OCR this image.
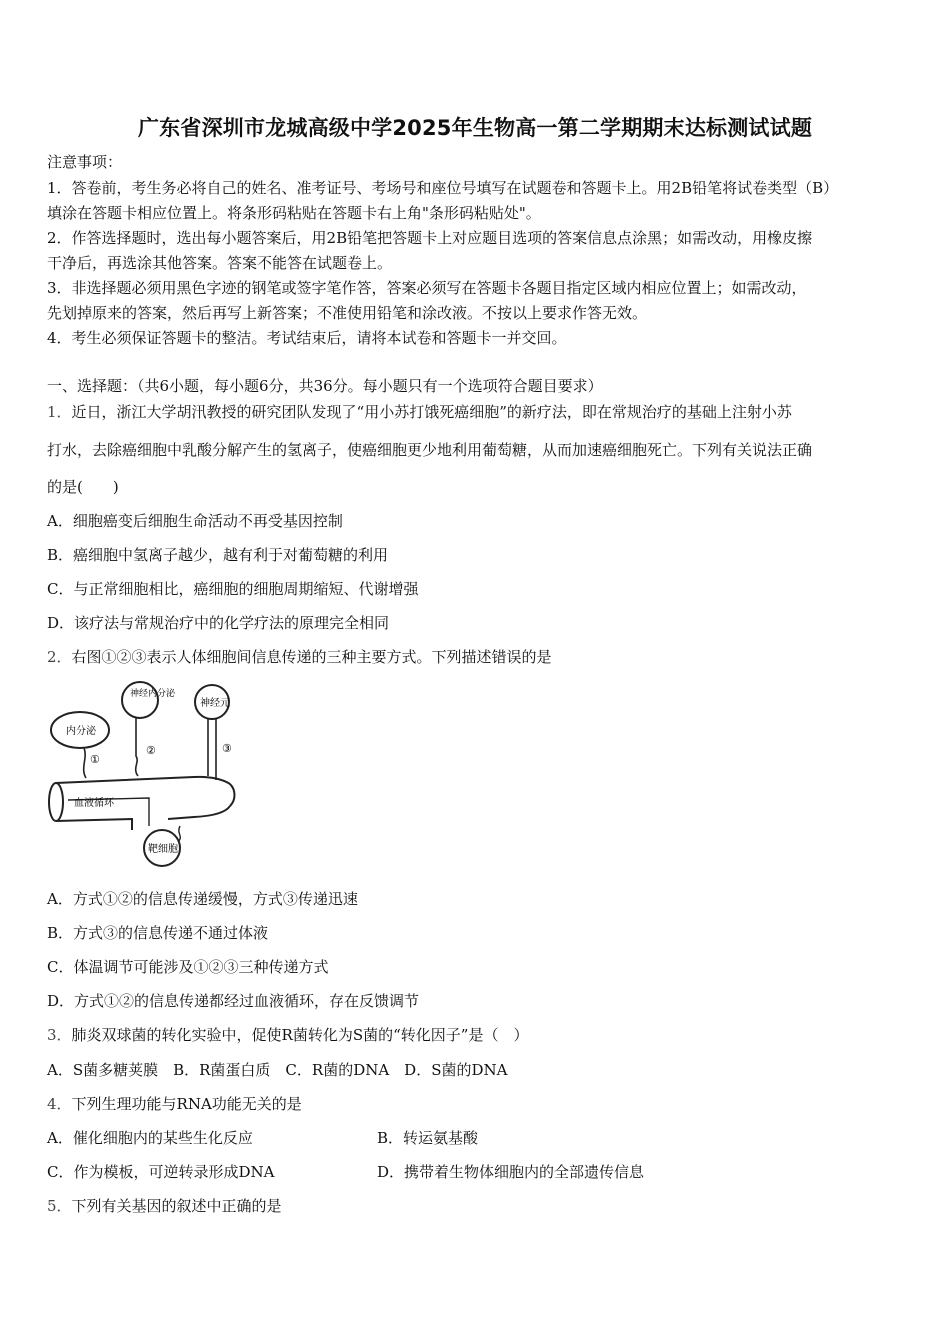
广东省深圳市龙城高级中学2025年生物高一第二学期期末达标测试试题
注意事项：
1．答卷前，考生务必将自己的姓名、准考证号、考场号和座位号填写在试题卷和答题卡上。用2B铅笔将试卷类型（B）
填涂在答题卡相应位置上。将条形码粘贴在答题卡右上角"条形码粘贴处"。
2．作答选择题时，选出每小题答案后，用2B铅笔把答题卡上对应题目选项的答案信息点涂黑；如需改动，用橡皮擦
干净后，再选涂其他答案。答案不能答在试题卷上。
3．非选择题必须用黑色字迹的钢笔或签字笔作答，答案必须写在答题卡各题目指定区域内相应位置上；如需改动，
先划掉原来的答案，然后再写上新答案；不准使用铅笔和涂改液。不按以上要求作答无效。
4．考生必须保证答题卡的整洁。考试结束后，请将本试卷和答题卡一并交回。
一、选择题：（共6小题，每小题6分，共36分。每小题只有一个选项符合题目要求）
1．近日，浙江大学胡汛教授的研究团队发现了“用小苏打饿死癌细胞”的新疗法，即在常规治疗的基础上注射小苏
打水，去除癌细胞中乳酸分解产生的氢离子，使癌细胞更少地利用葡萄糖，从而加速癌细胞死亡。下列有关说法正确
的是(　　)
A．细胞癌变后细胞生命活动不再受基因控制
B．癌细胞中氢离子越少，越有利于对葡萄糖的利用
C．与正常细胞相比，癌细胞的细胞周期缩短、代谢增强
D．该疗法与常规治疗中的化学疗法的原理完全相同
2．右图①②③表示人体细胞间信息传递的三种主要方式。下列描述错误的是
血液循环
内分泌
①
神经内分泌
②
神经元
③
靶细胞
A．方式①②的信息传递缓慢，方式③传递迅速
B．方式③的信息传递不通过体液
C．体温调节可能涉及①②③三种传递方式
D．方式①②的信息传递都经过血液循环，存在反馈调节
3．肺炎双球菌的转化实验中，促使R菌转化为S菌的“转化因子”是（　）
A．S菌多糖荚膜　B．R菌蛋白质　C．R菌的DNA　D．S菌的DNA
4．下列生理功能与RNA功能无关的是
A．催化细胞内的某些生化反应	B．转运氨基酸
C．作为模板，可逆转录形成DNA	D．携带着生物体细胞内的全部遗传信息
5．下列有关基因的叙述中正确的是
